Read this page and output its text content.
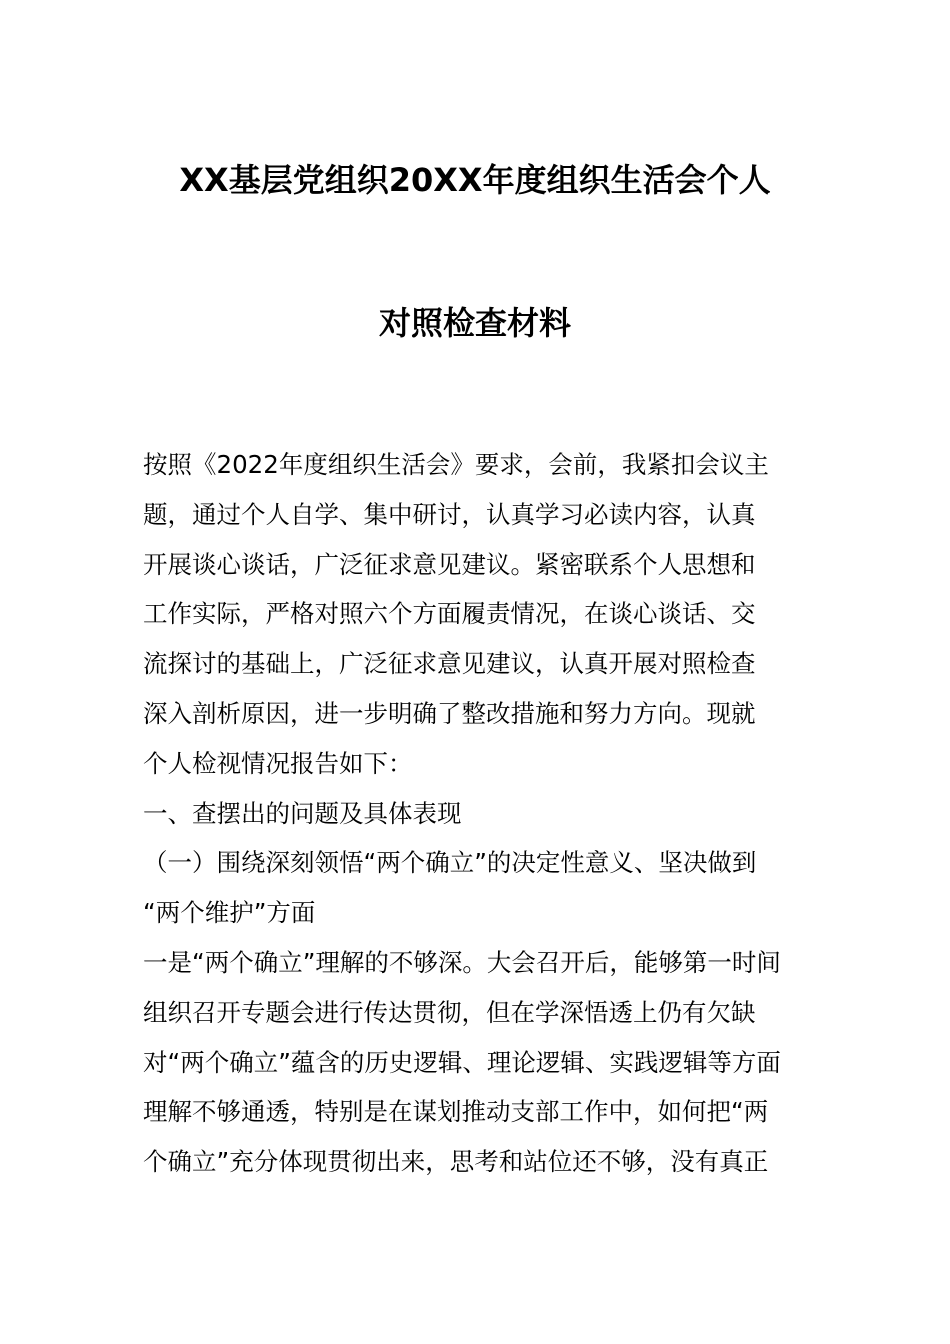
XX基层党组织20XX年度组织生活会个人
对照检查材料
按照《2022年度组织生活会》要求，会前，我紧扣会议主
题，通过个人自学、集中研讨，认真学习必读内容，认真
开展谈心谈话，广泛征求意见建议。紧密联系个人思想和
工作实际，严格对照六个方面履责情况，在谈心谈话、交
流探讨的基础上，广泛征求意见建议，认真开展对照检查
深入剖析原因，进一步明确了整改措施和努力方向。现就
个人检视情况报告如下：
一、查摆出的问题及具体表现
（一）围绕深刻领悟“两个确立”的决定性意义、坚决做到
“两个维护”方面
一是“两个确立”理解的不够深。大会召开后，能够第一时间
组织召开专题会进行传达贯彻，但在学深悟透上仍有欠缺
对“两个确立”蕴含的历史逻辑、理论逻辑、实践逻辑等方面
理解不够通透，特别是在谋划推动支部工作中，如何把“两
个确立”充分体现贯彻出来，思考和站位还不够，没有真正
